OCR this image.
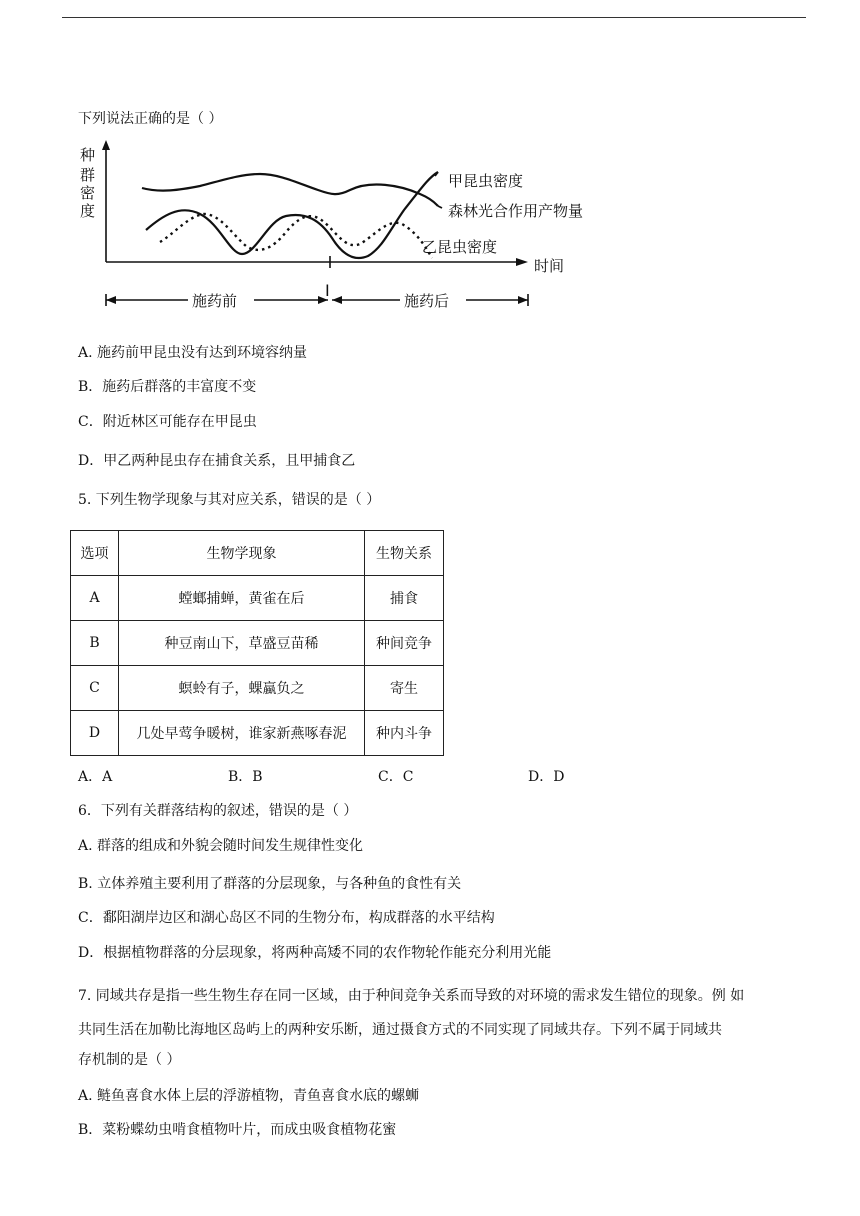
下列说法正确的是（ ）
种
群
密
度
时间
甲昆虫密度
森林光合作用产物量
乙昆虫密度
I
施药前	施药后
A. 施药前甲昆虫没有达到环境容纳量
B．施药后群落的丰富度不变
C．附近林区可能存在甲昆虫
D．甲乙两种昆虫存在捕食关系，且甲捕食乙
5. 下列生物学现象与其对应关系，错误的是（ ）
选项	生物学现象	生物关系
A	螳螂捕蝉，黄雀在后	捕食
B	种豆南山下，草盛豆苗稀	种间竞争
C	螟蛉有子，蜾蠃负之	寄生
D	几处早莺争暖树，谁家新燕啄春泥	种内斗争
A．A	B．B	C．C	D．D
6．下列有关群落结构的叙述，错误的是（ ）
A. 群落的组成和外貌会随时间发生规律性变化
B. 立体养殖主要利用了群落的分层现象，与各种鱼的食性有关
C．鄱阳湖岸边区和湖心岛区不同的生物分布，构成群落的水平结构
D．根据植物群落的分层现象，将两种高矮不同的农作物轮作能充分利用光能
7. 同域共存是指一些生物生存在同一区域，由于种间竞争关系而导致的对环境的需求发生错位的现象。例 如
共同生活在加勒比海地区岛屿上的两种安乐断，通过摄食方式的不同实现了同域共存。下列不属于同域共
存机制的是（ ）
A. 鲢鱼喜食水体上层的浮游植物，青鱼喜食水底的螺蛳
B．菜粉蝶幼虫啃食植物叶片，而成虫吸食植物花蜜
